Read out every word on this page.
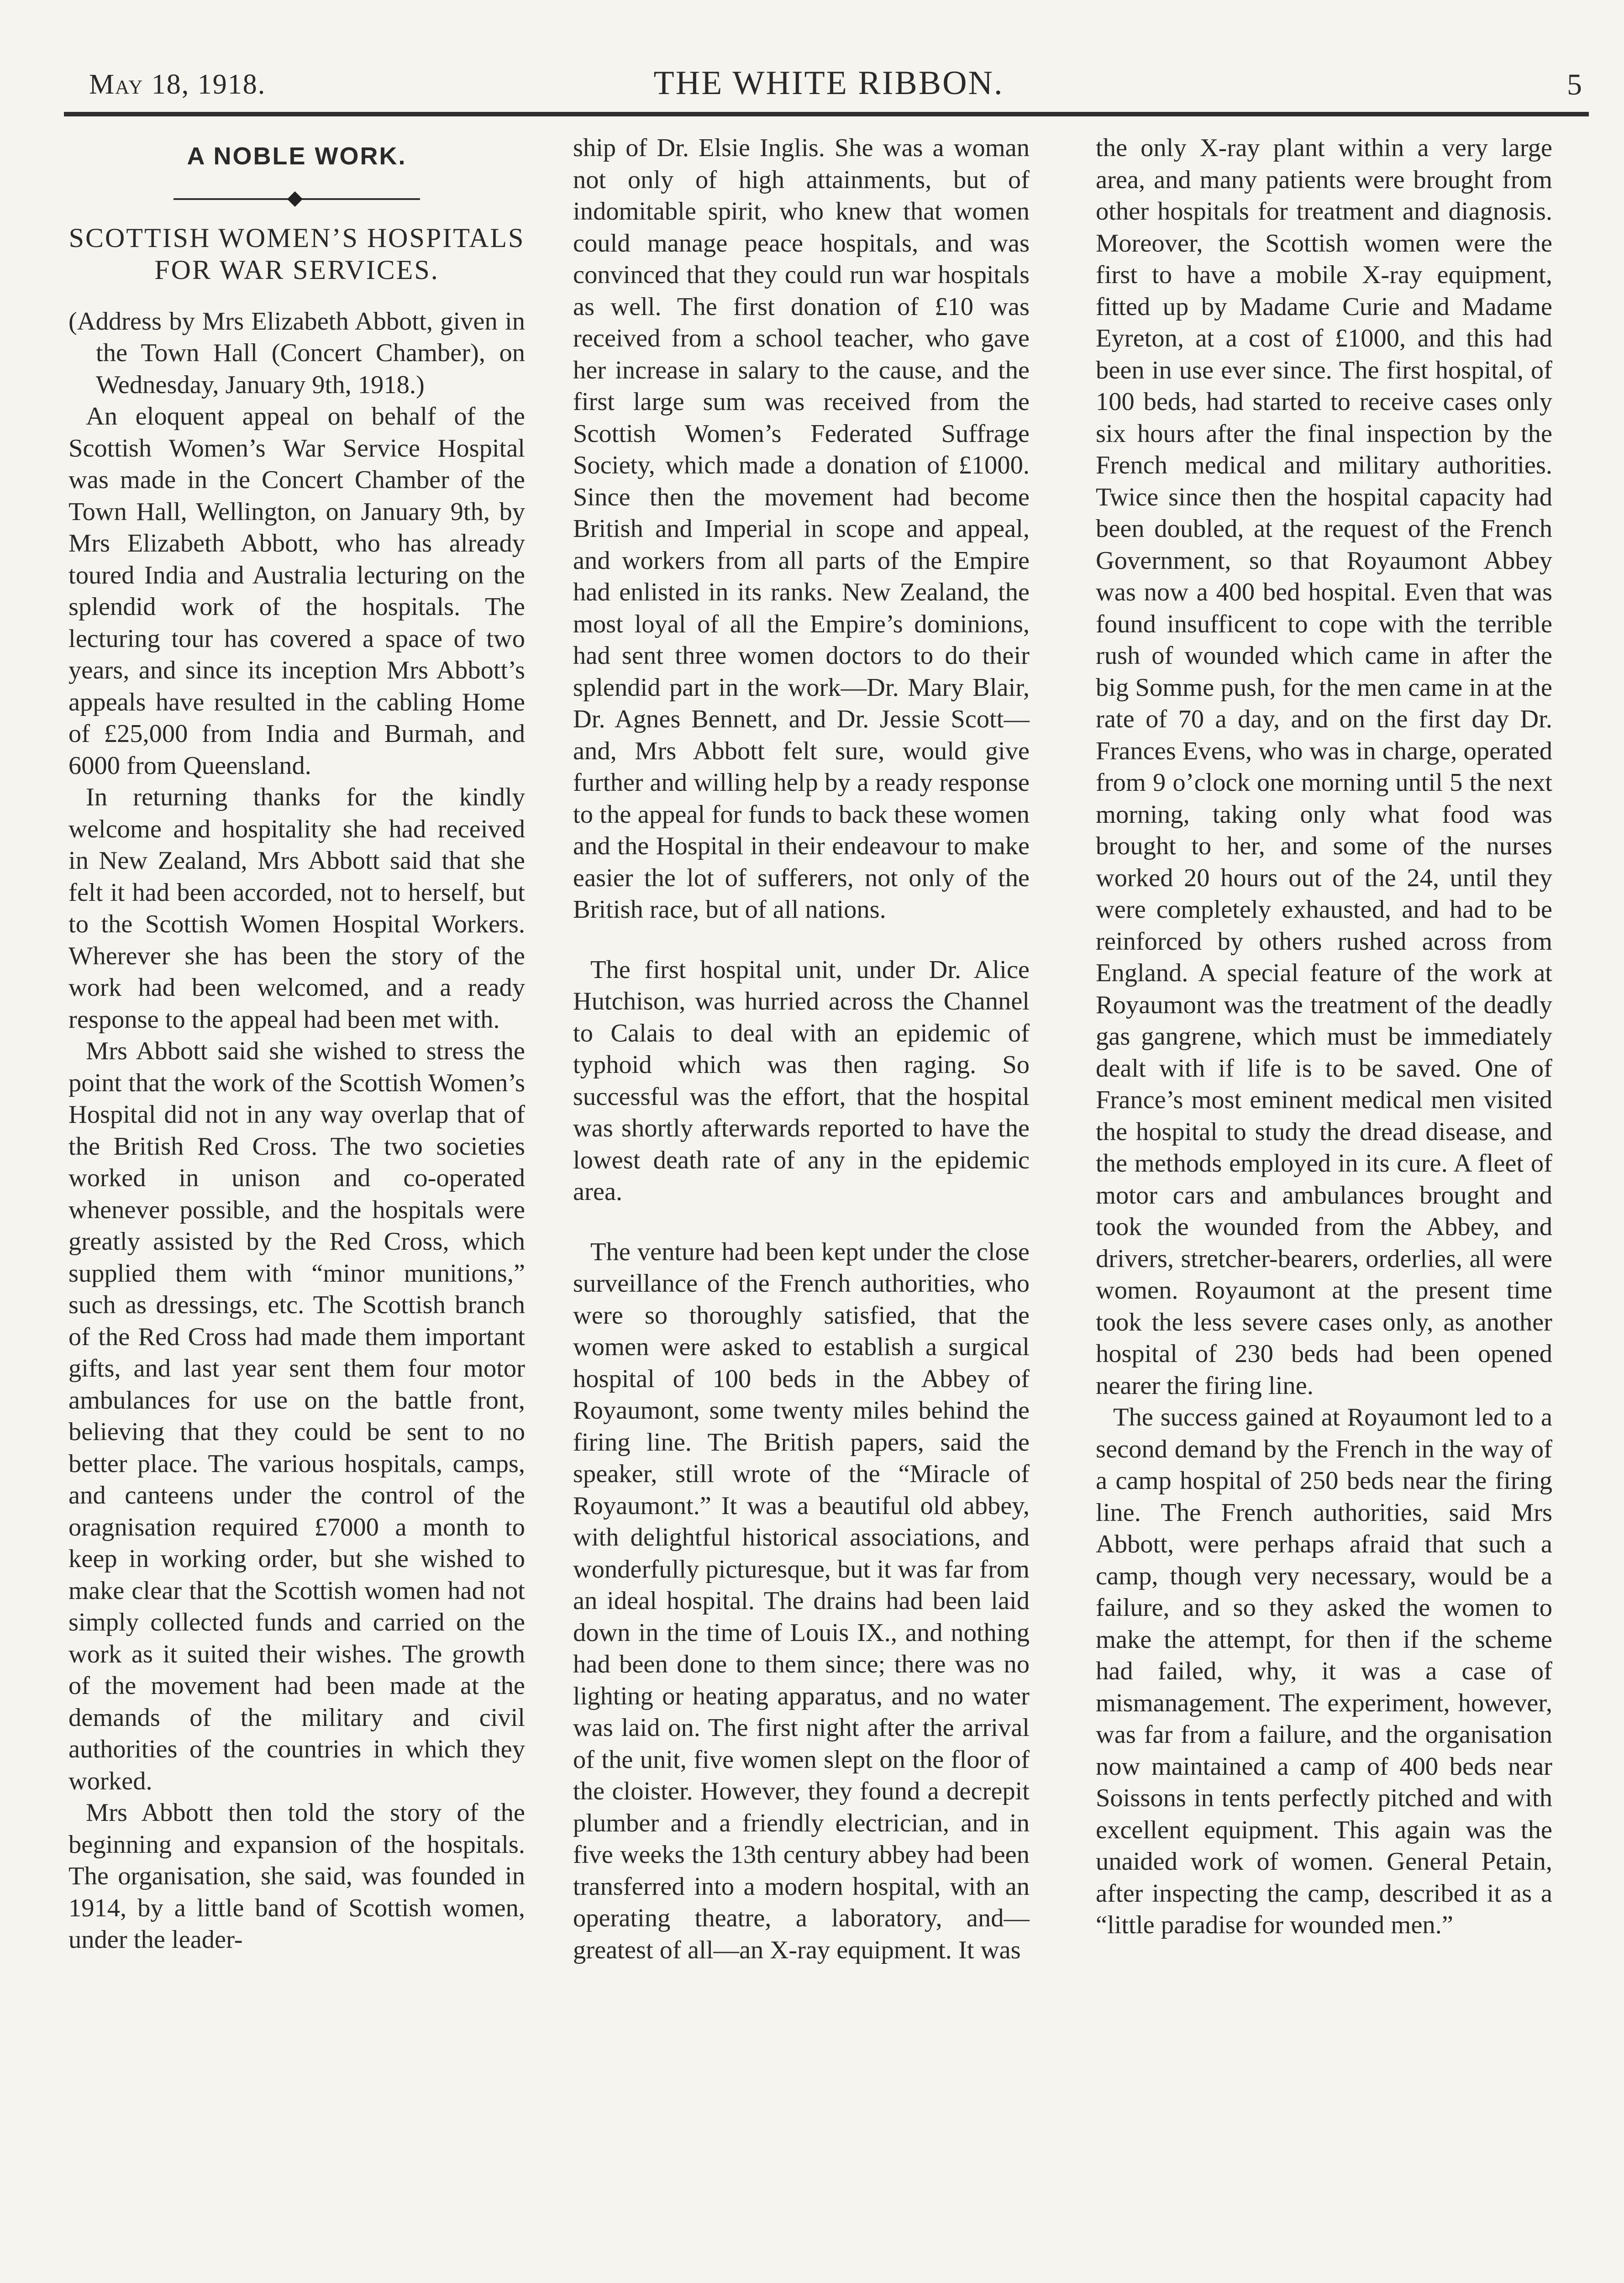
May 18, 1918.	THE WHITE RIBBON.	5
A NOBLE WORK.
SCOTTISH WOMEN’S HOSPITALS FOR WAR SERVICES.

(Address by Mrs Elizabeth Abbott, given in the Town Hall (Concert Chamber), on Wednesday, January 9th, 1918.)

An eloquent appeal on behalf of the Scottish Women’s War Service Hospital was made in the Concert Chamber of the Town Hall, Wellington, on January 9th, by Mrs Elizabeth Abbott, who has already toured India and Australia lecturing on the splendid work of the hospitals. The lecturing tour has covered a space of two years, and since its inception Mrs Abbott’s appeals have resulted in the cabling Home of £25,000 from India and Burmah, and 6000 from Queensland.

In returning thanks for the kindly welcome and hospitality she had received in New Zealand, Mrs Abbott said that she felt it had been accorded, not to herself, but to the Scottish Women Hospital Workers. Wherever she has been the story of the work had been welcomed, and a ready response to the appeal had been met with.

Mrs Abbott said she wished to stress the point that the work of the Scottish Women’s Hospital did not in any way overlap that of the British Red Cross. The two societies worked in unison and co-operated whenever possible, and the hospitals were greatly assisted by the Red Cross, which supplied them with “minor munitions,” such as dressings, etc. The Scottish branch of the Red Cross had made them important gifts, and last year sent them four motor ambulances for use on the battle front, believing that they could be sent to no better place. The various hospitals, camps, and canteens under the control of the oragnisation required £7000 a month to keep in working order, but she wished to make clear that the Scottish women had not simply collected funds and carried on the work as it suited their wishes. The growth of the movement had been made at the demands of the military and civil authorities of the countries in which they worked.

Mrs Abbott then told the story of the beginning and expansion of the hospitals. The organisation, she said, was founded in 1914, by a little band of Scottish women, under the leader-

ship of Dr. Elsie Inglis. She was a woman not only of high attainments, but of indomitable spirit, who knew that women could manage peace hospitals, and was convinced that they could run war hospitals as well. The first donation of £10 was received from a school teacher, who gave her increase in salary to the cause, and the first large sum was received from the Scottish Women’s Federated Suffrage Society, which made a donation of £1000. Since then the movement had become British and Imperial in scope and appeal, and workers from all parts of the Empire had enlisted in its ranks. New Zealand, the most loyal of all the Empire’s dominions, had sent three women doctors to do their splendid part in the work—Dr. Mary Blair, Dr. Agnes Bennett, and Dr. Jessie Scott—and, Mrs Abbott felt sure, would give further and willing help by a ready response to the appeal for funds to back these women and the Hospital in their endeavour to make easier the lot of sufferers, not only of the British race, but of all nations.

The first hospital unit, under Dr. Alice Hutchison, was hurried across the Channel to Calais to deal with an epidemic of typhoid which was then raging. So successful was the effort, that the hospital was shortly afterwards reported to have the lowest death rate of any in the epidemic area.

The venture had been kept under the close surveillance of the French authorities, who were so thoroughly satisfied, that the women were asked to establish a surgical hospital of 100 beds in the Abbey of Royaumont, some twenty miles behind the firing line. The British papers, said the speaker, still wrote of the “Miracle of Royaumont.” It was a beautiful old abbey, with delightful historical associations, and wonderfully picturesque, but it was far from an ideal hospital. The drains had been laid down in the time of Louis IX., and nothing had been done to them since; there was no lighting or heating apparatus, and no water was laid on. The first night after the arrival of the unit, five women slept on the floor of the cloister. However, they found a decrepit plumber and a friendly electrician, and in five weeks the 13th century abbey had been transferred into a modern hospital, with an operating theatre, a laboratory, and—greatest of all—an X-ray equipment. It was

the only X-ray plant within a very large area, and many patients were brought from other hospitals for treatment and diagnosis. Moreover, the Scottish women were the first to have a mobile X-ray equipment, fitted up by Madame Curie and Madame Eyreton, at a cost of £1000, and this had been in use ever since. The first hospital, of 100 beds, had started to receive cases only six hours after the final inspection by the French medical and military authorities. Twice since then the hospital capacity had been doubled, at the request of the French Government, so that Royaumont Abbey was now a 400 bed hospital. Even that was found insufficent to cope with the terrible rush of wounded which came in after the big Somme push, for the men came in at the rate of 70 a day, and on the first day Dr. Frances Evens, who was in charge, operated from 9 o’clock one morning until 5 the next morning, taking only what food was brought to her, and some of the nurses worked 20 hours out of the 24, until they were completely exhausted, and had to be reinforced by others rushed across from England. A special feature of the work at Royaumont was the treatment of the deadly gas gangrene, which must be immediately dealt with if life is to be saved. One of France’s most eminent medical men visited the hospital to study the dread disease, and the methods employed in its cure. A fleet of motor cars and ambulances brought and took the wounded from the Abbey, and drivers, stretcher-bearers, orderlies, all were women. Royaumont at the present time took the less severe cases only, as another hospital of 230 beds had been opened nearer the firing line.

The success gained at Royaumont led to a second demand by the French in the way of a camp hospital of 250 beds near the firing line. The French authorities, said Mrs Abbott, were perhaps afraid that such a camp, though very necessary, would be a failure, and so they asked the women to make the attempt, for then if the scheme had failed, why, it was a case of mismanagement. The experiment, however, was far from a failure, and the organisation now maintained a camp of 400 beds near Soissons in tents perfectly pitched and with excellent equipment. This again was the unaided work of women. General Petain, after inspecting the camp, described it as a “little paradise for wounded men.”
